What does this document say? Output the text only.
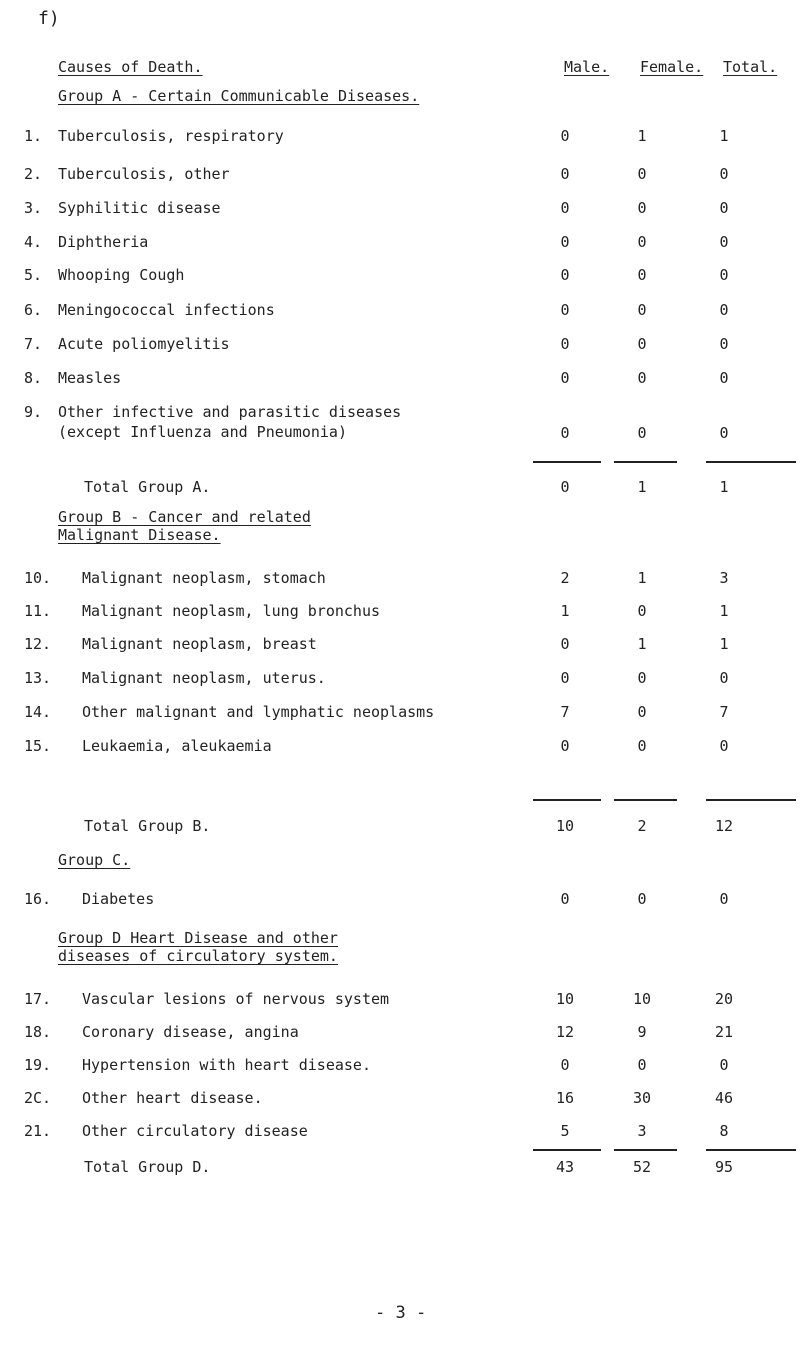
f)
Causes of Death.	Male. Female. Total.
Group A - Certain Communicable Diseases.
1. Tuberculosis, respiratory	0	1	1
2. Tuberculosis, other	0	0	0
3. Syphilitic disease	0	0	0
4. Diphtheria	0	0	0
5. Whooping Cough	0	0	0
6. Meningococcal infections	0	0	0
7. Acute poliomyelitis	0	0	0
8. Measles	0	0	0
9. Other infective and parasitic diseases
(except Influenza and Pneumonia)	0	0	0
Total Group A.	0	1	1
Group B - Cancer and related
Malignant Disease.
10. Malignant neoplasm, stomach	2	1	3
11. Malignant neoplasm, lung bronchus	1	0	1
12. Malignant neoplasm, breast	0	1	1
13. Malignant neoplasm, uterus.	0	0	0
14. Other malignant and lymphatic neoplasms	7	0	7
15. Leukaemia, aleukaemia	0	0	0
Total Group B.	10	2	12
Group C.
16. Diabetes	0	0	0
Group D Heart Disease and other
diseases of circulatory system.
17. Vascular lesions of nervous system	10	10	20
18. Coronary disease, angina	12	9	21
19. Hypertension with heart disease.	0	0	0
2C. Other heart disease.	16	30	46
21. Other circulatory disease	5	3	8
Total Group D.	43	52	95
- 3 -
